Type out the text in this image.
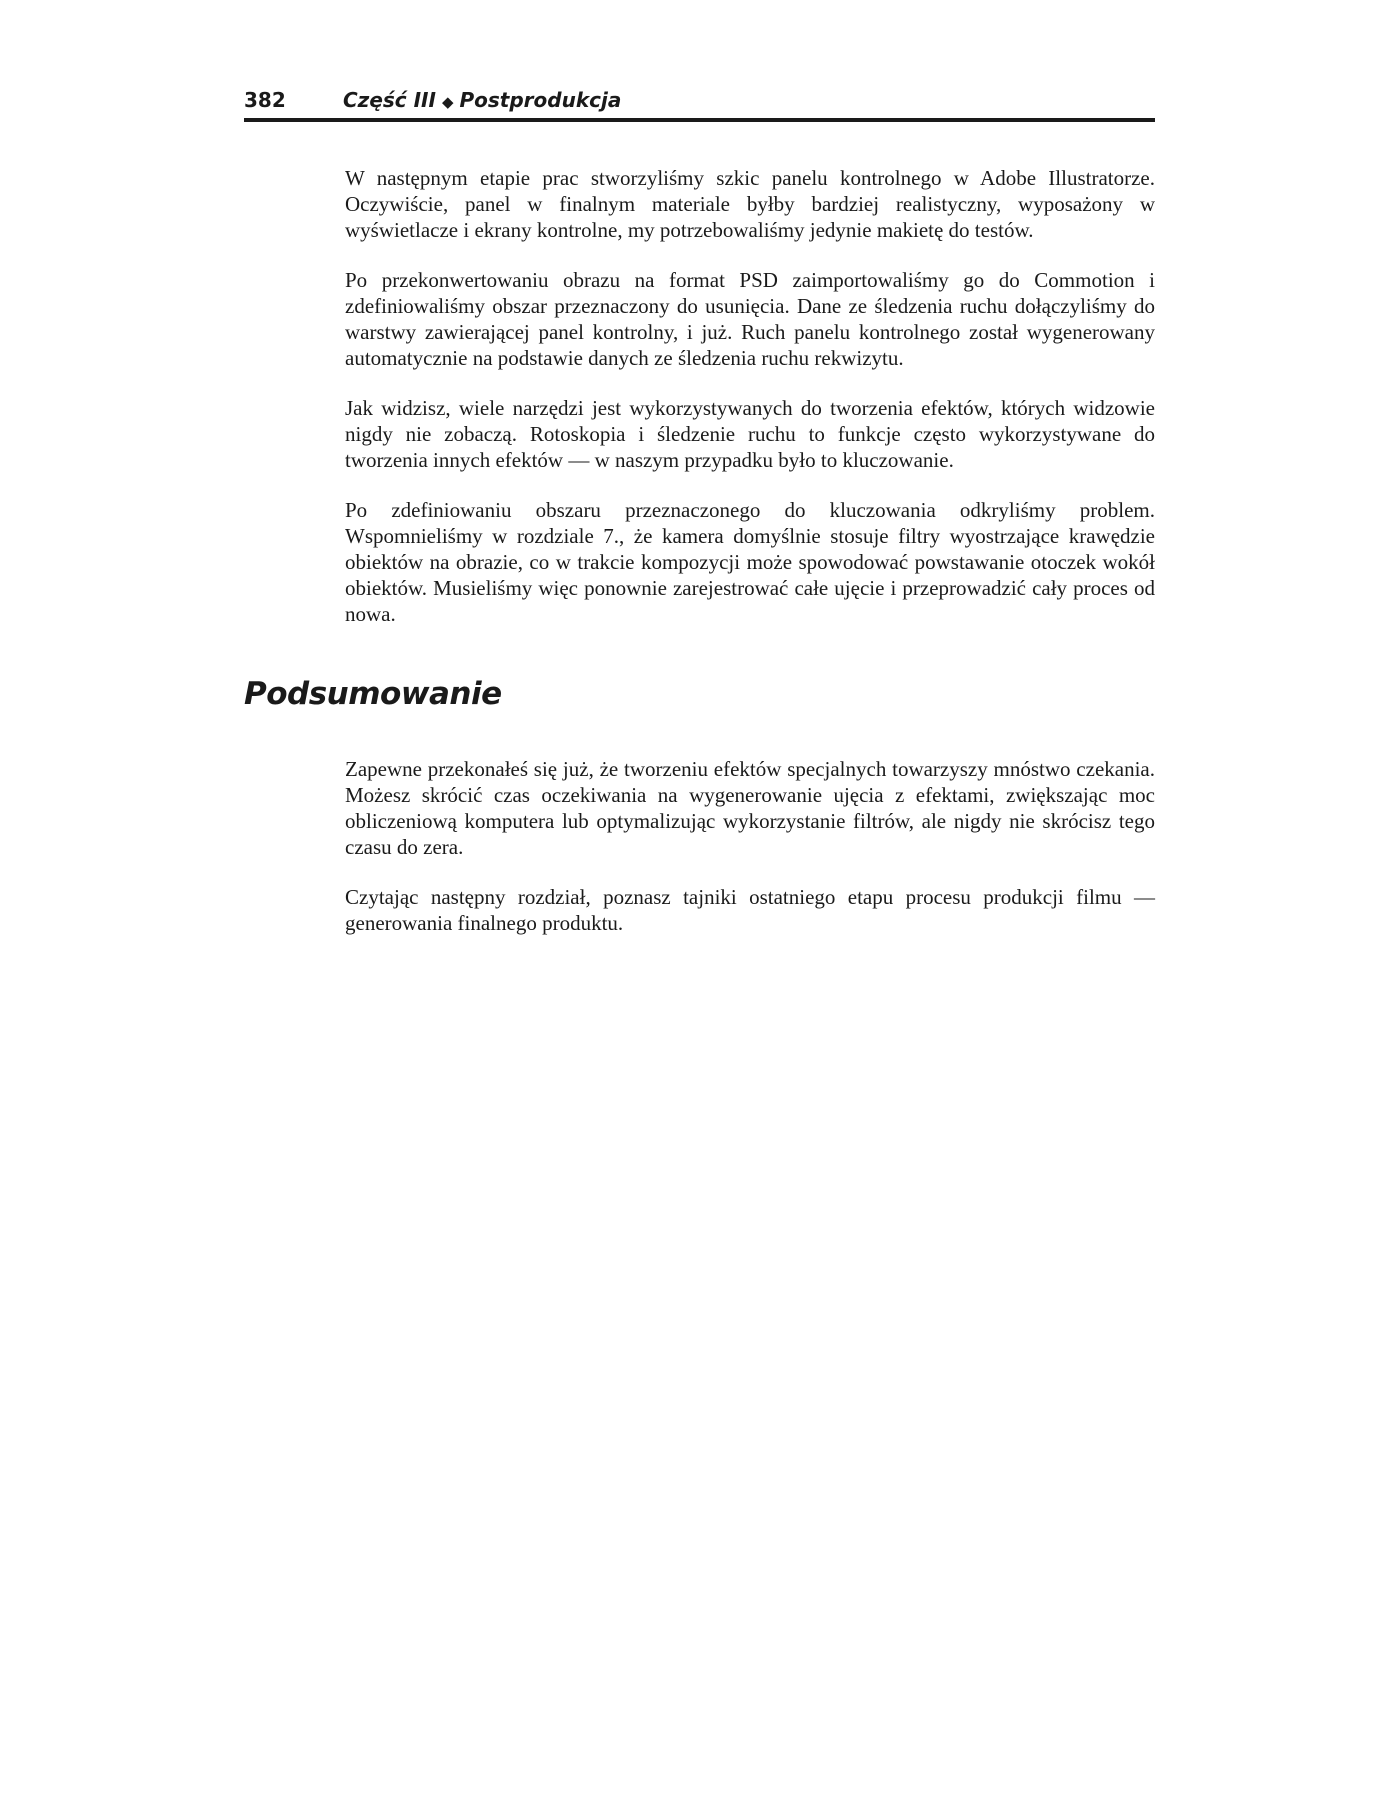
382	Część III ◆ Postprodukcja

W następnym etapie prac stworzyliśmy szkic panelu kontrolnego w Adobe Illustratorze. Oczywiście, panel w finalnym materiale byłby bardziej realistyczny, wyposażony w wyświetlacze i ekrany kontrolne, my potrzebowaliśmy jedynie makietę do testów.

Po przekonwertowaniu obrazu na format PSD zaimportowaliśmy go do Commotion i zdefiniowaliśmy obszar przeznaczony do usunięcia. Dane ze śledzenia ruchu dołączyliśmy do warstwy zawierającej panel kontrolny, i już. Ruch panelu kontrolnego został wygenerowany automatycznie na podstawie danych ze śledzenia ruchu rekwizytu.

Jak widzisz, wiele narzędzi jest wykorzystywanych do tworzenia efektów, których widzowie nigdy nie zobaczą. Rotoskopia i śledzenie ruchu to funkcje często wykorzystywane do tworzenia innych efektów — w naszym przypadku było to kluczowanie.

Po zdefiniowaniu obszaru przeznaczonego do kluczowania odkryliśmy problem. Wspomnieliśmy w rozdziale 7., że kamera domyślnie stosuje filtry wyostrzające krawędzie obiektów na obrazie, co w trakcie kompozycji może spowodować powstawanie otoczek wokół obiektów. Musieliśmy więc ponownie zarejestrować całe ujęcie i przeprowadzić cały proces od nowa.

Podsumowanie

Zapewne przekonałeś się już, że tworzeniu efektów specjalnych towarzyszy mnóstwo czekania. Możesz skrócić czas oczekiwania na wygenerowanie ujęcia z efektami, zwiększając moc obliczeniową komputera lub optymalizując wykorzystanie filtrów, ale nigdy nie skrócisz tego czasu do zera.

Czytając następny rozdział, poznasz tajniki ostatniego etapu procesu produkcji filmu — generowania finalnego produktu.
